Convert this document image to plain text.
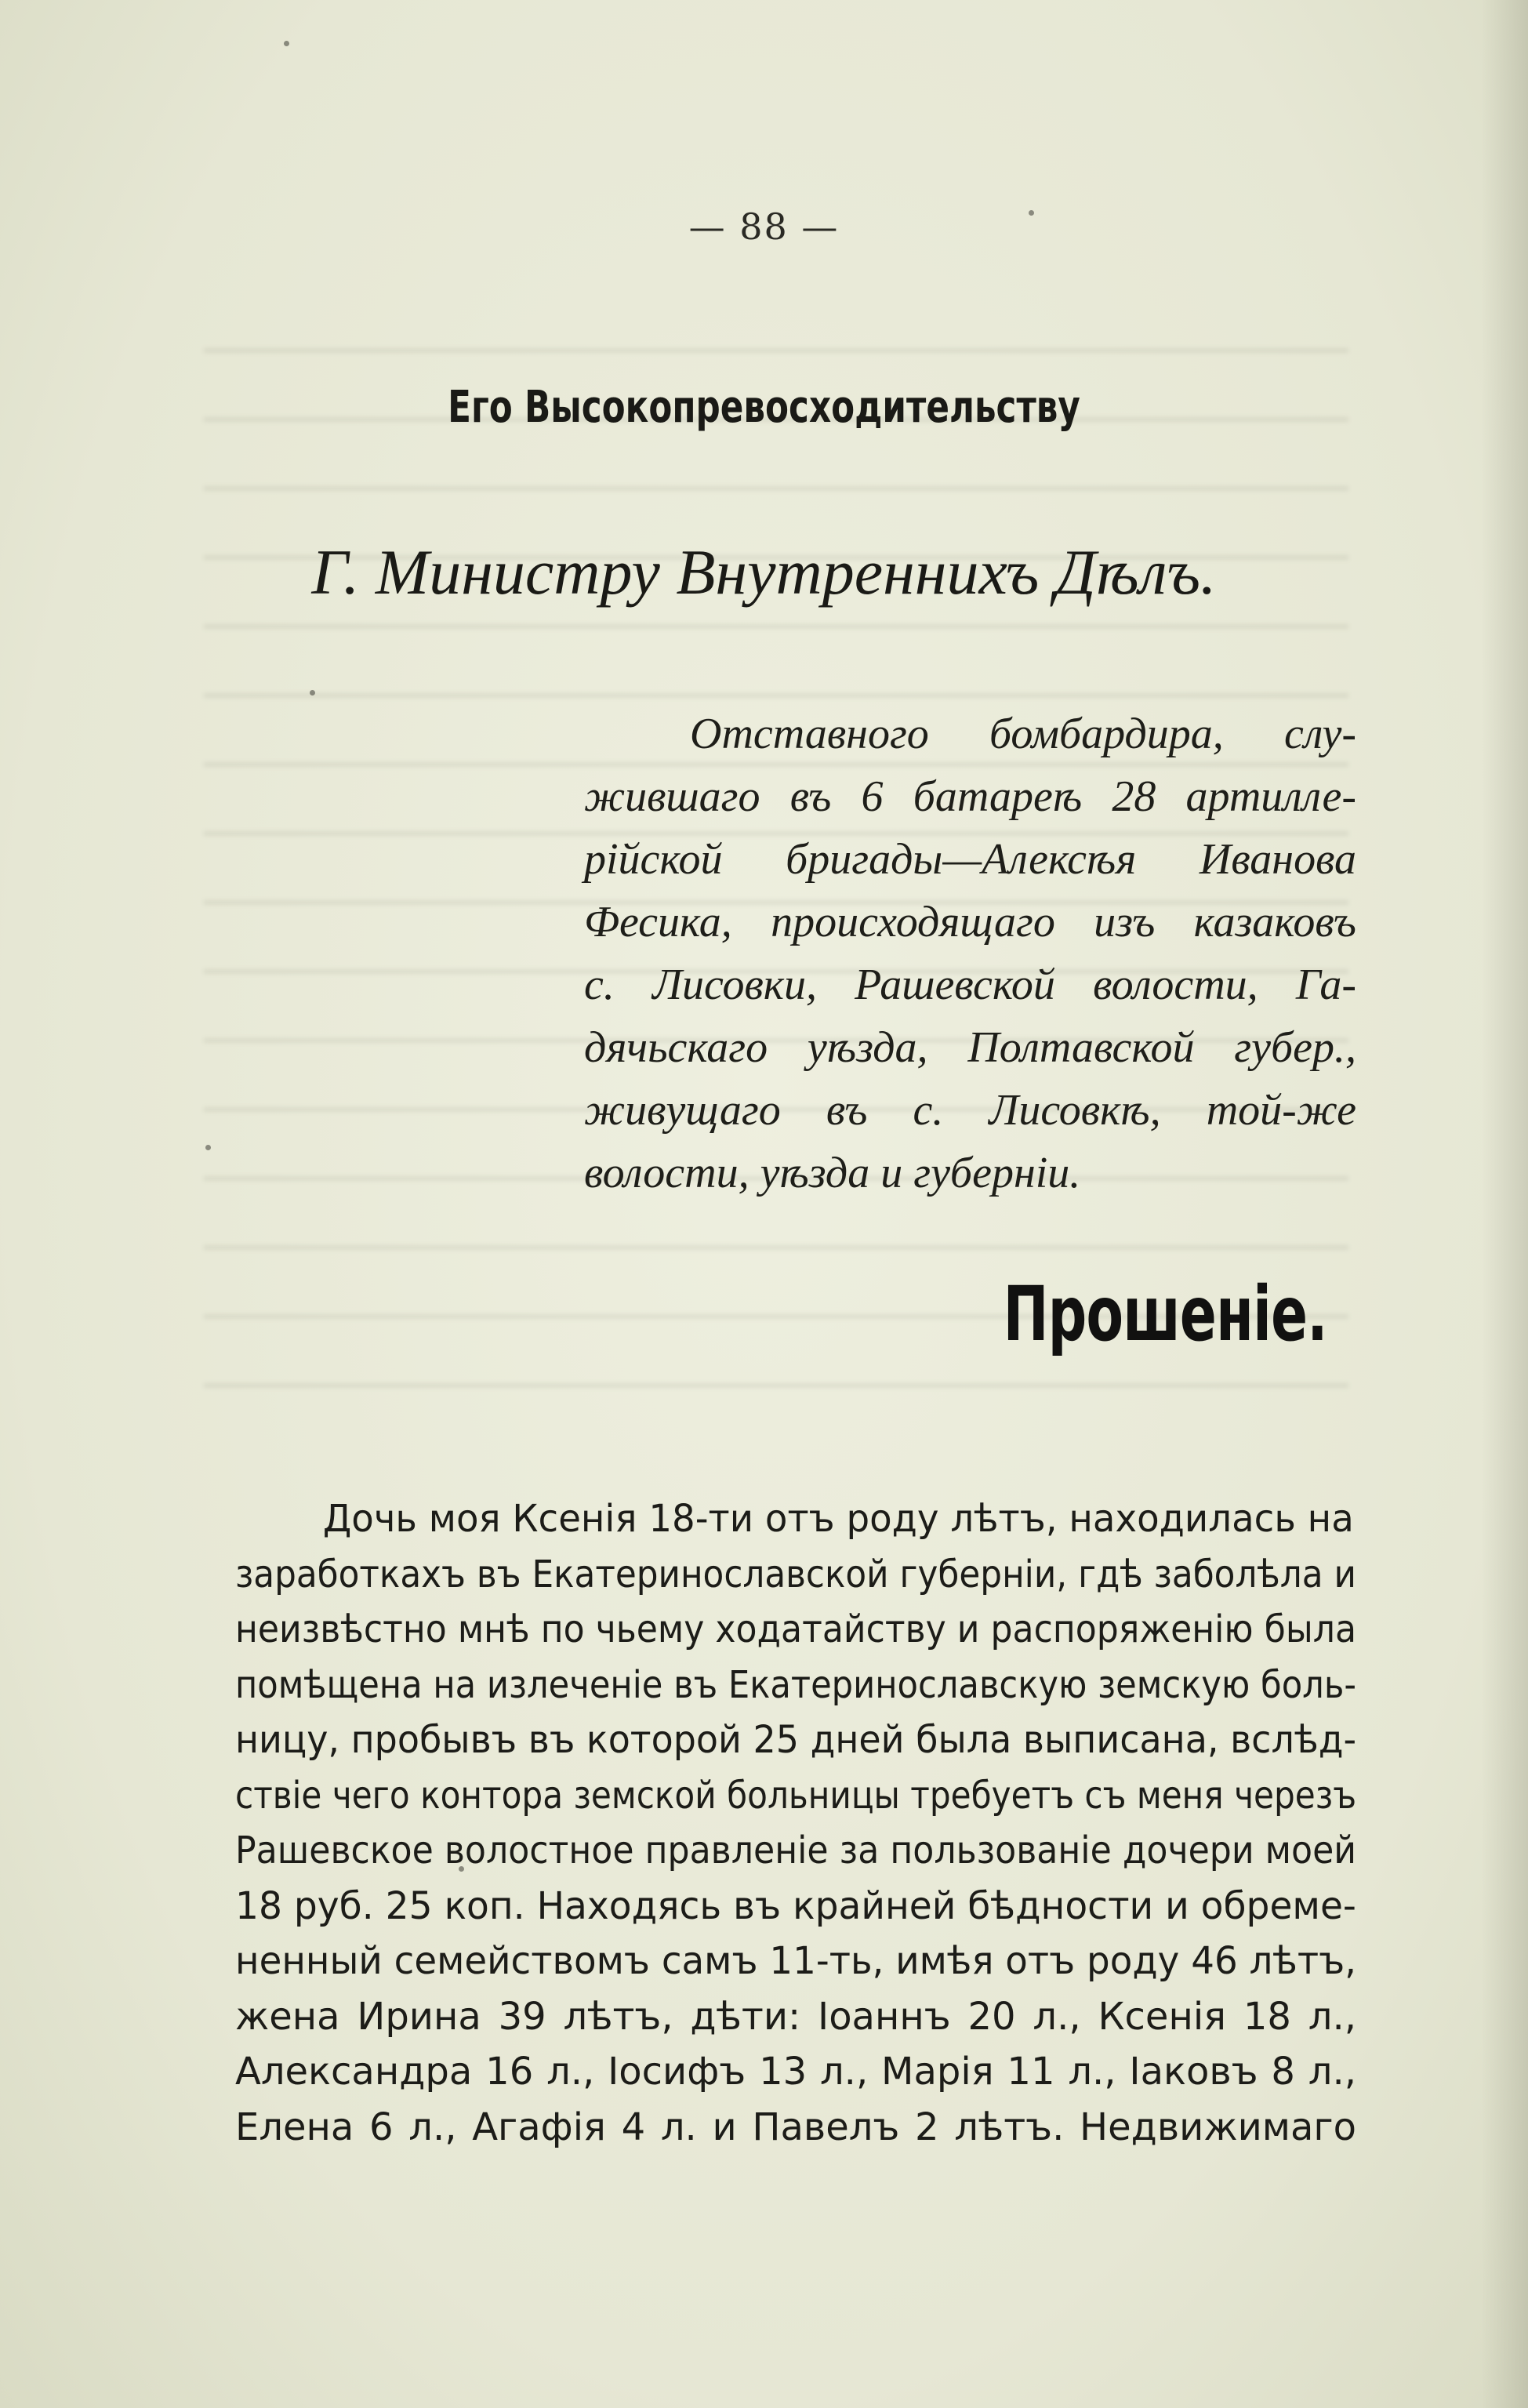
— 88 —
Его Высокопревосходительству
Г. Министру Внутреннихъ Дѣлъ.
Отставного бомбардира, слу-
жившаго въ 6 батареѣ 28 артилле-
рійской бригады—Алексѣя Иванова
Фесика, происходящаго изъ казаковъ
с. Лисовки, Рашевской волости, Га-
дячьскаго уѣзда, Полтавской губер.,
живущаго въ с. Лисовкѣ, той-же
волости, уѣзда и губерніи.
Прошеніе.
Дочь моя Ксенія 18-ти отъ роду лѣтъ, находилась на
заработкахъ въ Екатеринославской губерніи, гдѣ заболѣла и
неизвѣстно мнѣ по чьему ходатайству и распоряженію была
помѣщена на излеченіе въ Екатеринославскую земскую боль-
ницу, пробывъ въ которой 25 дней была выписана, вслѣд-
ствіе чего контора земской больницы требуетъ съ меня черезъ
Рашевское волостное правленіе за пользованіе дочери моей
18 руб. 25 коп. Находясь въ крайней бѣдности и обреме-
ненный семействомъ самъ 11-ть, имѣя отъ роду 46 лѣтъ,
жена Ирина 39 лѣтъ, дѣти: Іоаннъ 20 л., Ксенія 18 л.,
Александра 16 л., Іосифъ 13 л., Марія 11 л., Іаковъ 8 л.,
Елена 6 л., Агафія 4 л. и Павелъ 2 лѣтъ. Недвижимаго
